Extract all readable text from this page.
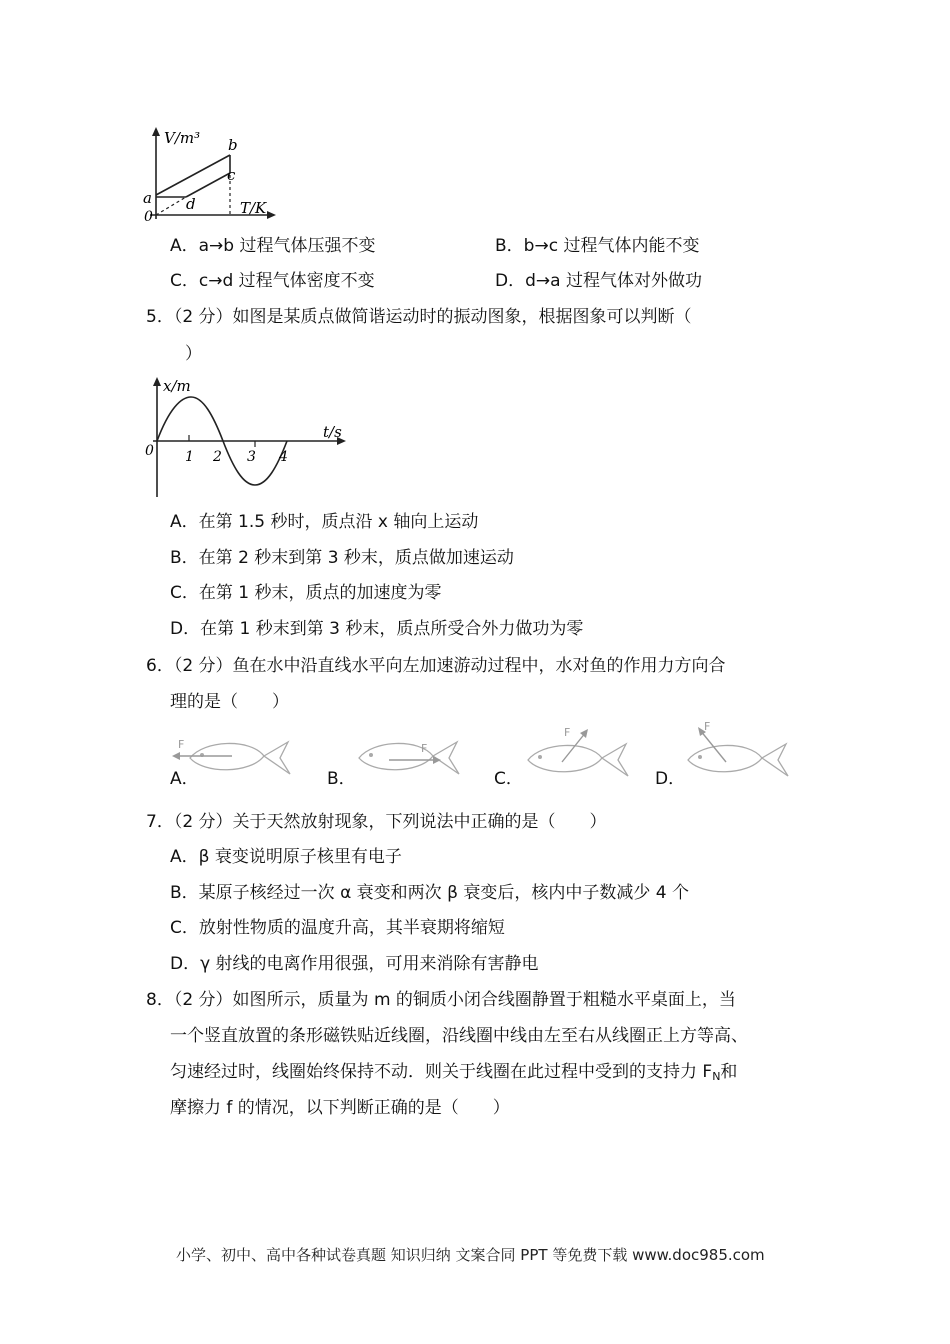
V/m³
T/K
0
a
b
c
d
A．a→b 过程气体压强不变	B．b→c 过程气体内能不变
C．c→d 过程气体密度不变	D．d→a 过程气体对外做功
5．（2 分）如图是某质点做简谐运动时的振动图象，根据图象可以判断（
）
x/m
t/s
0 1 2 3 4
A．在第 1.5 秒时，质点沿 x 轴向上运动
B．在第 2 秒末到第 3 秒末，质点做加速运动
C．在第 1 秒末，质点的加速度为零
D．在第 1 秒末到第 3 秒末，质点所受合外力做功为零
6．（2 分）鱼在水中沿直线水平向左加速游动过程中，水对鱼的作用力方向合
理的是（　　）
A．
F
B．
F
C．
F
D．
F
7．（2 分）关于天然放射现象，下列说法中正确的是（　　）
A．β 衰变说明原子核里有电子
B．某原子核经过一次 α 衰变和两次 β 衰变后，核内中子数减少 4 个
C．放射性物质的温度升高，其半衰期将缩短
D．γ 射线的电离作用很强，可用来消除有害静电
8．（2 分）如图所示，质量为 m 的铜质小闭合线圈静置于粗糙水平桌面上，当
一个竖直放置的条形磁铁贴近线圈，沿线圈中线由左至右从线圈正上方等高、
匀速经过时，线圈始终保持不动．则关于线圈在此过程中受到的支持力 $F_N$和
摩擦力 f 的情况，以下判断正确的是（　　）
小学、初中、高中各种试卷真题 知识归纳 文案合同 PPT 等免费下载 www.doc985.com
